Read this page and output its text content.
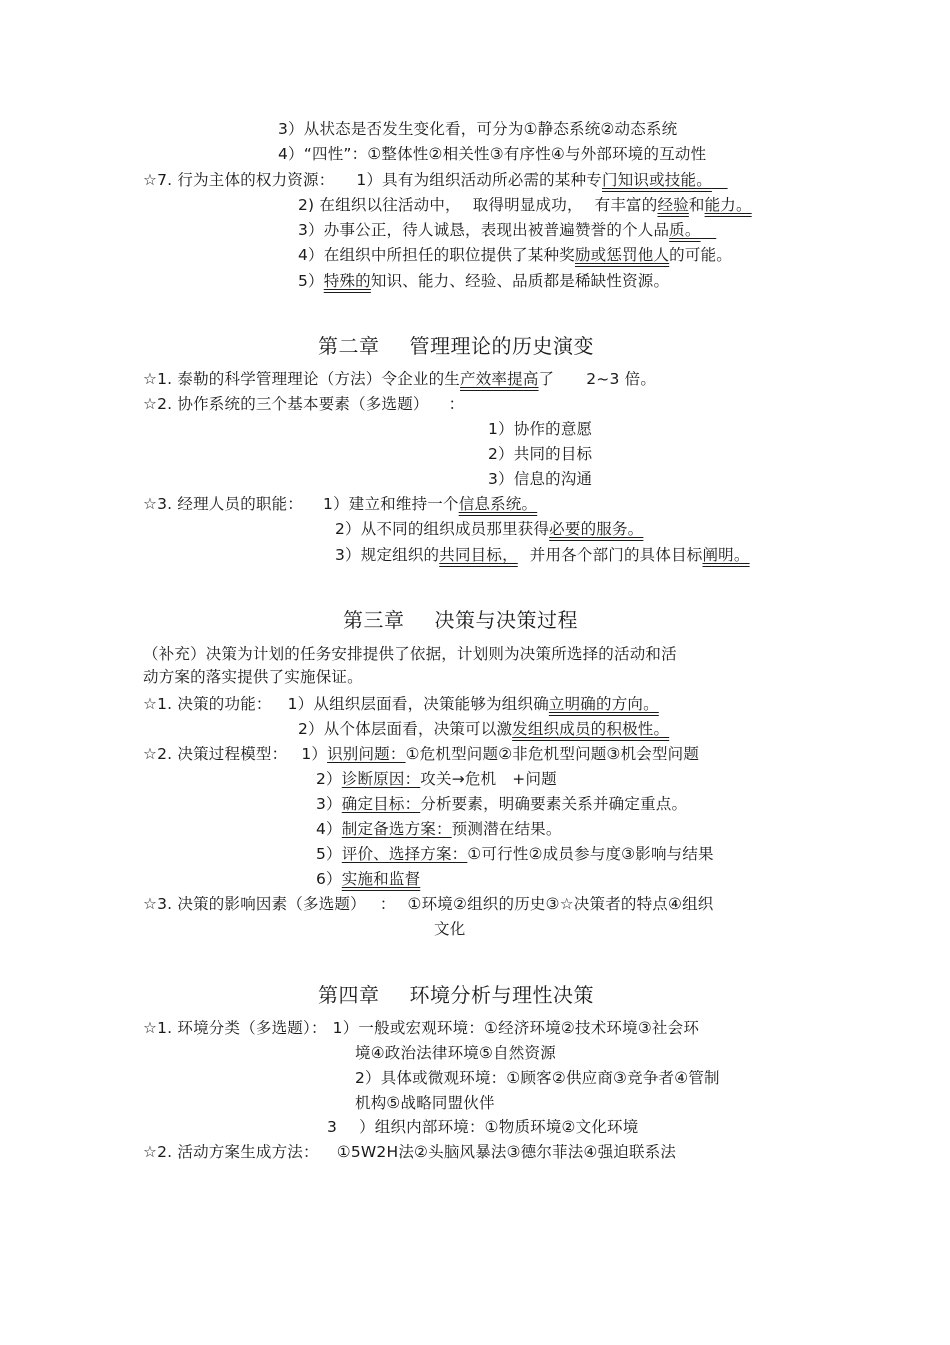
3）从状态是否发生变化看，可分为①静态系统②动态系统
4）“四性”：①整体性②相关性③有序性④与外部环境的互动性
☆7. 行为主体的权力资源： 1）具有为组织活动所必需的某种专门知识或技能。 
2) 在组织以往活动中， 取得明显成功， 有丰富的经验和能力。
3）办事公正，待人诚恳，表现出被普遍赞誉的个人品质。 
4）在组织中所担任的职位提供了某种奖励或惩罚他人的可能。
5）特殊的知识、能力、经验、品质都是稀缺性资源。
第二章 管理理论的历史演变
☆1. 泰勒的科学管理理论（方法）令企业的生产效率提高了 2~3 倍。
☆2. 协作系统的三个基本要素（多选题） ：
1）协作的意愿
2）共同的目标
3）信息的沟通
☆3. 经理人员的职能： 1）建立和维持一个信息系统。
2）从不同的组织成员那里获得必要的服务。
3）规定组织的共同目标， 并用各个部门的具体目标阐明。
第三章 决策与决策过程
（补充）决策为计划的任务安排提供了依据，计划则为决策所选择的活动和活
动方案的落实提供了实施保证。
☆1. 决策的功能： 1）从组织层面看，决策能够为组织确立明确的方向。
2）从个体层面看，决策可以激发组织成员的积极性。
☆2. 决策过程模型： 1）识别问题：①危机型问题②非危机型问题③机会型问题
2）诊断原因：攻关→危机 +问题
3）确定目标：分析要素，明确要素关系并确定重点。
4）制定备选方案：预测潜在结果。
5）评价、选择方案：①可行性②成员参与度③影响与结果
6）实施和监督
☆3. 决策的影响因素（多选题） ： ①环境②组织的历史③☆决策者的特点④组织
文化
第四章 环境分析与理性决策
☆1. 环境分类（多选题）： 1）一般或宏观环境：①经济环境②技术环境③社会环
境④政治法律环境⑤自然资源
2）具体或微观环境：①顾客②供应商③竞争者④管制
机构⑤战略同盟伙伴
3 ）组织内部环境：①物质环境②文化环境
☆2. 活动方案生成方法： ①5W2H法②头脑风暴法③德尔菲法④强迫联系法
